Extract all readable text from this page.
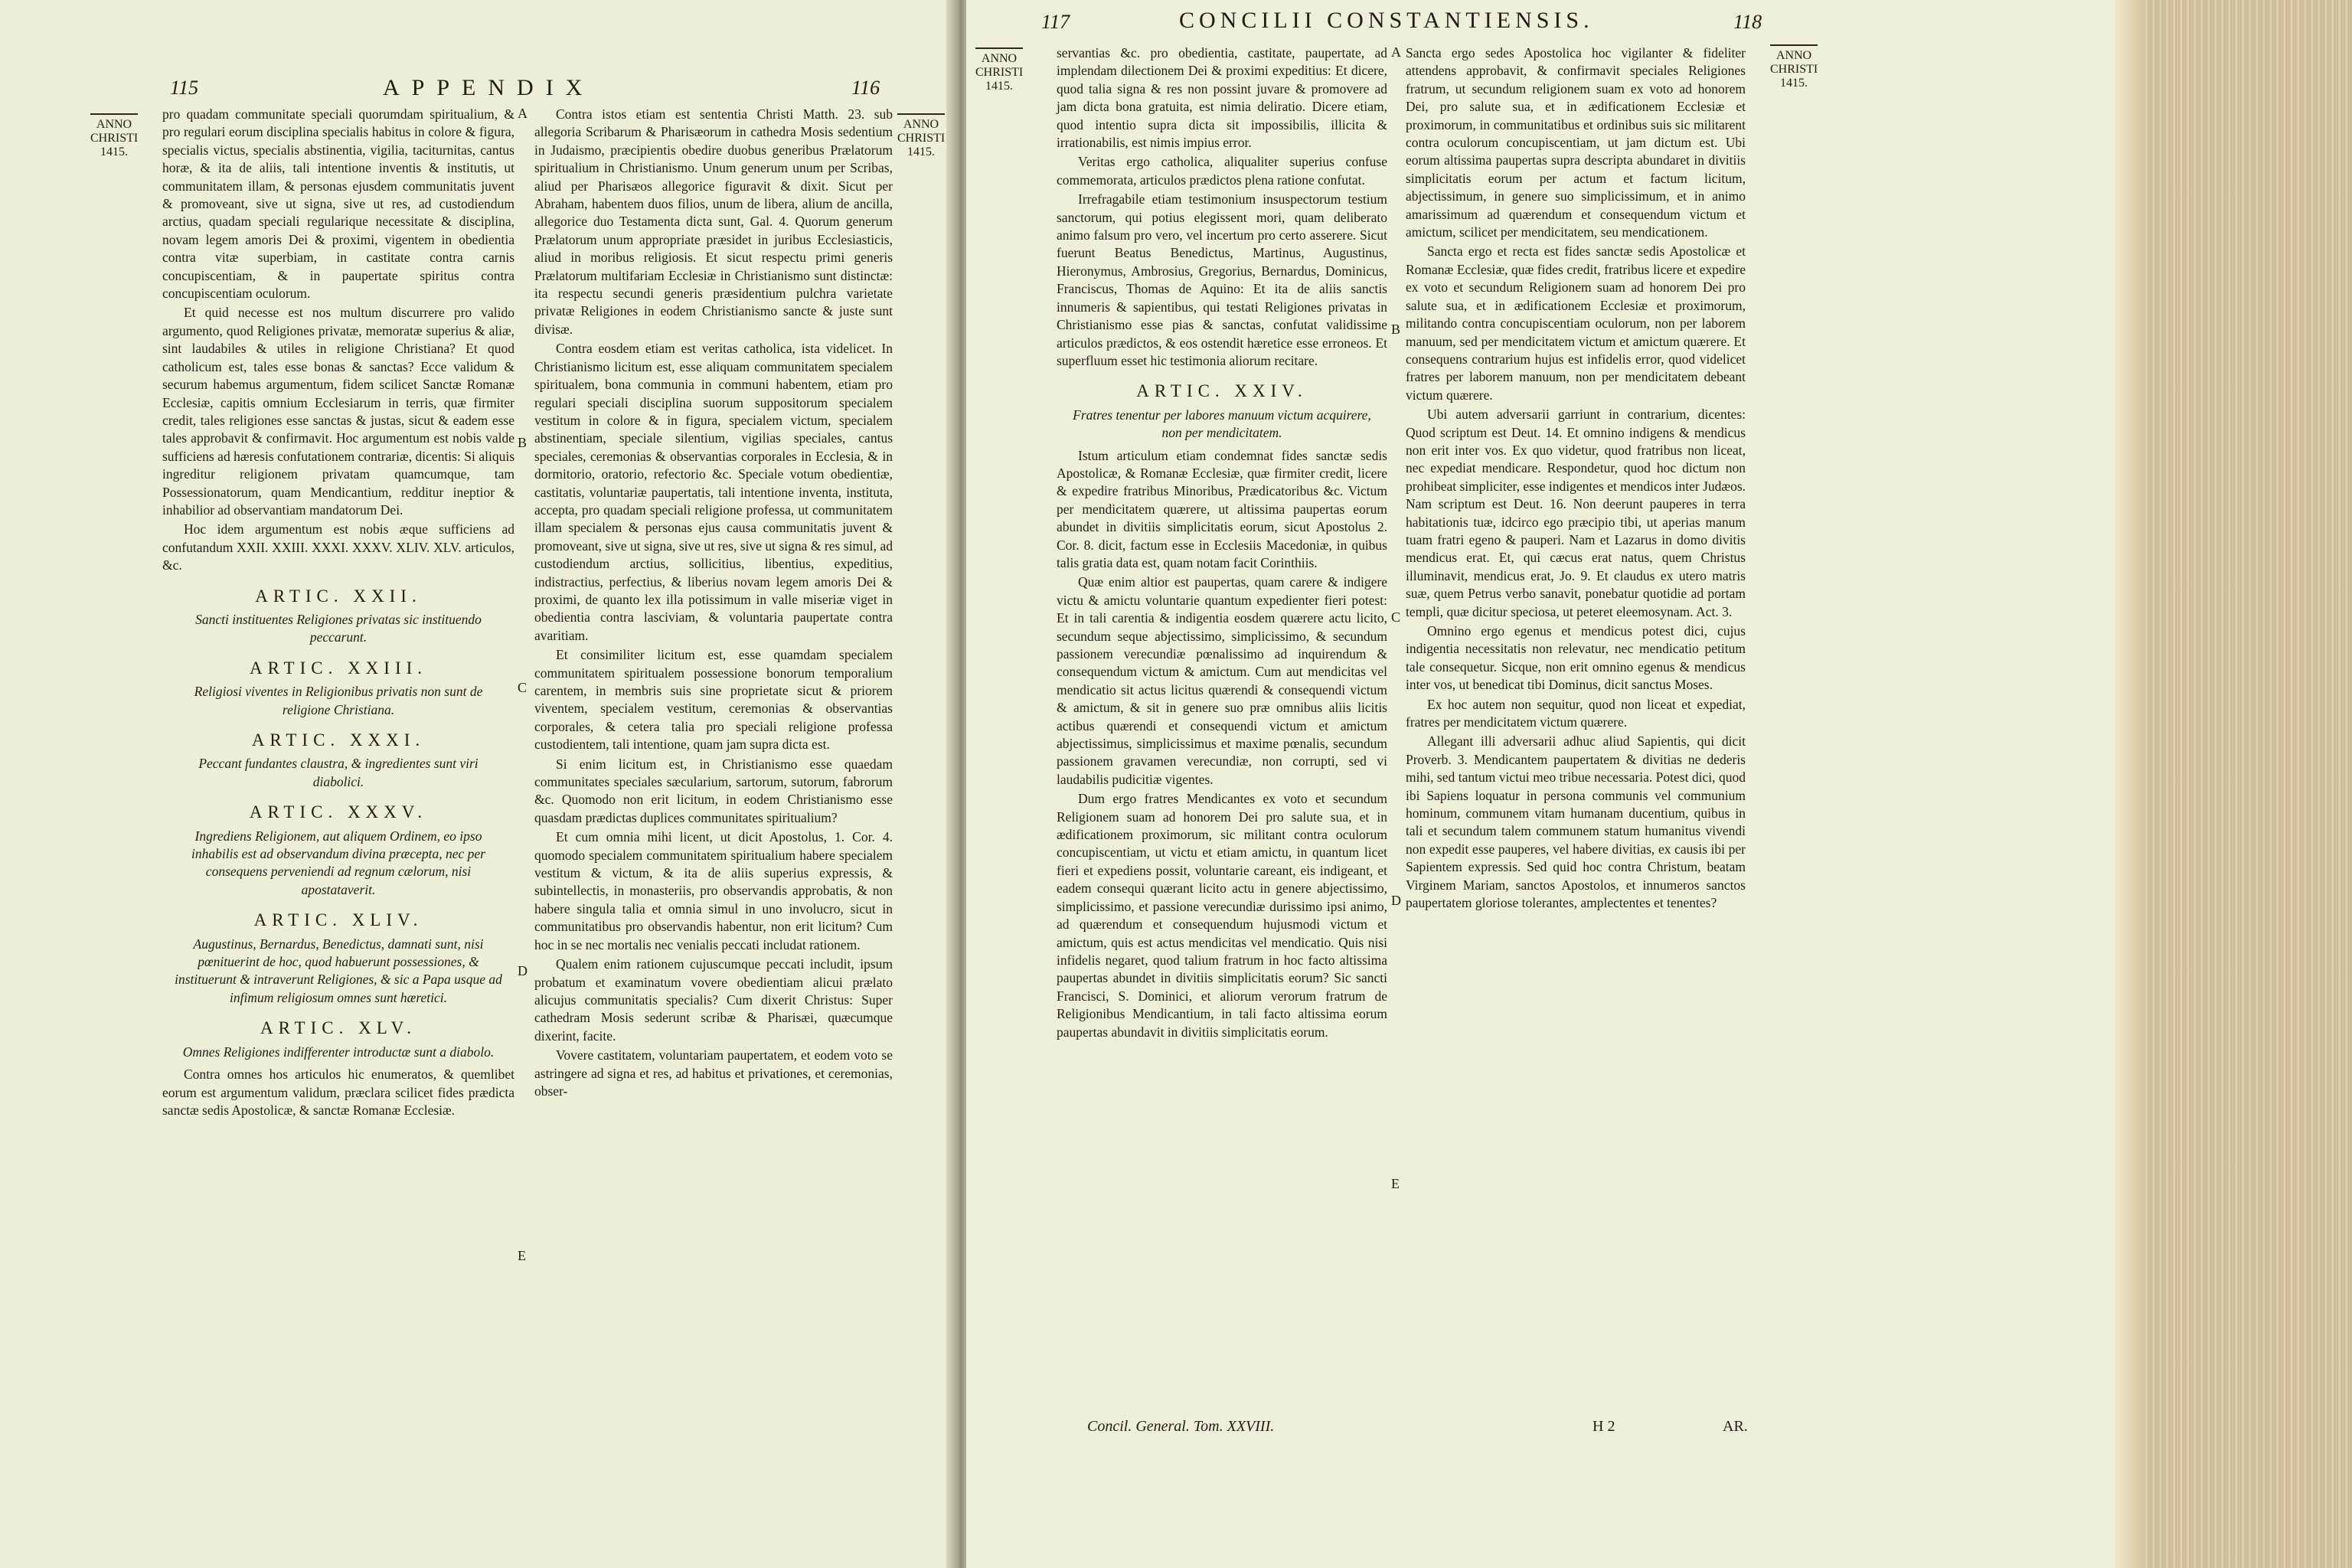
115	APPENDIX	116
ANNO
CHRISTI
1415.
ANNO
CHRISTI
1415.
A
B
C
D
E

pro quadam communitate speciali quorumdam spiritualium, & pro regulari eorum disciplina specialis habitus in colore & figura, specialis victus, specialis abstinentia, vigilia, taciturnitas, cantus horæ, & ita de aliis, tali intentione inventis & institutis, ut communitatem illam, & personas ejusdem communitatis juvent & promoveant, sive ut signa, sive ut res, ad custodiendum arctius, quadam speciali regularique necessitate & disciplina, novam legem amoris Dei & proximi, vigentem in obedientia contra vitæ superbiam, in castitate contra carnis concupiscentiam, & in paupertate spiritus contra concupiscentiam oculorum.

Et quid necesse est nos multum discurrere pro valido argumento, quod Religiones privatæ, memoratæ superius & aliæ, sint laudabiles & utiles in religione Christiana? Et quod catholicum est, tales esse bonas & sanctas? Ecce validum & securum habemus argumentum, fidem scilicet Sanctæ Romanæ Ecclesiæ, capitis omnium Ecclesiarum in terris, quæ firmiter credit, tales religiones esse sanctas & justas, sicut & eadem esse tales approbavit & confirmavit. Hoc argumentum est nobis valde sufficiens ad hæresis confutationem contrariæ, dicentis: Si aliquis ingreditur religionem privatam quamcumque, tam Possessionatorum, quam Mendicantium, redditur ineptior & inhabilior ad observantiam mandatorum Dei.

Hoc idem argumentum est nobis æque sufficiens ad confutandum XXII. XXIII. XXXI. XXXV. XLIV. XLV. articulos, &c.

ARTIC. XXII.
Sancti instituentes Religiones privatas sic instituendo peccarunt.
ARTIC. XXIII.
Religiosi viventes in Religionibus privatis non sunt de religione Christiana.
ARTIC. XXXI.
Peccant fundantes claustra, & ingredientes sunt viri diabolici.
ARTIC. XXXV.
Ingrediens Religionem, aut aliquem Ordinem, eo ipso inhabilis est ad observandum divina præcepta, nec per consequens perveniendi ad regnum cælorum, nisi apostataverit.
ARTIC. XLIV.
Augustinus, Bernardus, Benedictus, damnati sunt, nisi pœnituerint de hoc, quod habuerunt possessiones, & instituerunt & intraverunt Religiones, & sic a Papa usque ad infimum religiosum omnes sunt hæretici.
ARTIC. XLV.
Omnes Religiones indifferenter introductæ sunt a diabolo.

Contra omnes hos articulos hic enumeratos, & quemlibet eorum est argumentum validum, præclara scilicet fides prædicta sanctæ sedis Apostolicæ, & sanctæ Romanæ Ecclesiæ.

Contra istos etiam est sententia Christi Matth. 23. sub allegoria Scribarum & Pharisæorum in cathedra Mosis sedentium in Judaismo, præcipientis obedire duobus generibus Prælatorum spiritualium in Christianismo. Unum generum unum per Scribas, aliud per Pharisæos allegorice figuravit & dixit. Sicut per Abraham, habentem duos filios, unum de libera, alium de ancilla, allegorice duo Testamenta dicta sunt, Gal. 4. Quorum generum Prælatorum unum appropriate præsidet in juribus Ecclesiasticis, aliud in moribus religiosis. Et sicut respectu primi generis Prælatorum multifariam Ecclesiæ in Christianismo sunt distinctæ: ita respectu secundi generis præsidentium pulchra varietate privatæ Religiones in eodem Christianismo sancte & juste sunt divisæ.

Contra eosdem etiam est veritas catholica, ista videlicet. In Christianismo licitum est, esse aliquam communitatem specialem spiritualem, bona communia in communi habentem, etiam pro regulari speciali disciplina suorum suppositorum specialem vestitum in colore & in figura, specialem victum, specialem abstinentiam, speciale silentium, vigilias speciales, cantus speciales, ceremonias & observantias corporales in Ecclesia, & in dormitorio, oratorio, refectorio &c. Speciale votum obedientiæ, castitatis, voluntariæ paupertatis, tali intentione inventa, instituta, accepta, pro quadam speciali religione professa, ut communitatem illam specialem & personas ejus causa communitatis juvent & promoveant, sive ut signa, sive ut res, sive ut signa & res simul, ad custodiendum arctius, sollicitius, libentius, expeditius, indistractius, perfectius, & liberius novam legem amoris Dei & proximi, de quanto lex illa potissimum in valle miseriæ viget in obedientia contra lasciviam, & voluntaria paupertate contra avaritiam.

Et consimiliter licitum est, esse quamdam specialem communitatem spiritualem possessione bonorum temporalium carentem, in membris suis sine proprietate sicut & priorem viventem, specialem vestitum, ceremonias & observantias corporales, & cetera talia pro speciali religione professa custodientem, tali intentione, quam jam supra dicta est.

Si enim licitum est, in Christianismo esse quaedam communitates speciales sæcularium, sartorum, sutorum, fabrorum &c. Quomodo non erit licitum, in eodem Christianismo esse quasdam prædictas duplices communitates spiritualium?

Et cum omnia mihi licent, ut dicit Apostolus, 1. Cor. 4. quomodo specialem communitatem spiritualium habere specialem vestitum & victum, & ita de aliis superius expressis, & subintellectis, in monasteriis, pro observandis approbatis, & non habere singula talia et omnia simul in uno involucro, sicut in communitatibus pro observandis habentur, non erit licitum? Cum hoc in se nec mortalis nec venialis peccati includat rationem.

Qualem enim rationem cujuscumque peccati includit, ipsum probatum et examinatum vovere obedientiam alicui prælato alicujus communitatis specialis? Cum dixerit Christus: Super cathedram Mosis sederunt scribæ & Pharisæi, quæcumque dixerint, facite.

Vovere castitatem, voluntariam paupertatem, et eodem voto se astringere ad signa et res, ad habitus et privationes, et ceremonias, obser-

117	CONCILII CONSTANTIENSIS.	118
ANNO
CHRISTI
1415.
ANNO
CHRISTI
1415.
A
B
C
D
E

servantias &c. pro obedientia, castitate, paupertate, ad implendam dilectionem Dei & proximi expeditius: Et dicere, quod talia signa & res non possint juvare & promovere ad jam dicta bona gratuita, est nimia deliratio. Dicere etiam, quod intentio supra dicta sit impossibilis, illicita & irrationabilis, est nimis impius error.

Veritas ergo catholica, aliqualiter superius confuse commemorata, articulos prædictos plena ratione confutat.

Irrefragabile etiam testimonium insuspectorum testium sanctorum, qui potius elegissent mori, quam deliberato animo falsum pro vero, vel incertum pro certo asserere. Sicut fuerunt Beatus Benedictus, Martinus, Augustinus, Hieronymus, Ambrosius, Gregorius, Bernardus, Dominicus, Franciscus, Thomas de Aquino: Et ita de aliis sanctis innumeris & sapientibus, qui testati Religiones privatas in Christianismo esse pias & sanctas, confutat validissime articulos prædictos, & eos ostendit hæretice esse erroneos. Et superfluum esset hic testimonia aliorum recitare.

ARTIC. XXIV.
Fratres tenentur per labores manuum victum acquirere, non per mendicitatem.

Istum articulum etiam condemnat fides sanctæ sedis Apostolicæ, & Romanæ Ecclesiæ, quæ firmiter credit, licere & expedire fratribus Minoribus, Prædicatoribus &c. Victum per mendicitatem quærere, ut altissima paupertas eorum abundet in divitiis simplicitatis eorum, sicut Apostolus 2. Cor. 8. dicit, factum esse in Ecclesiis Macedoniæ, in quibus talis gratia data est, quam notam facit Corinthiis.

Quæ enim altior est paupertas, quam carere & indigere victu & amictu voluntarie quantum expedienter fieri potest: Et in tali carentia & indigentia eosdem quærere actu licito, secundum seque abjectissimo, simplicissimo, & secundum passionem verecundiæ pœnalissimo ad inquirendum & consequendum victum & amictum. Cum aut mendicitas vel mendicatio sit actus licitus quærendi & consequendi victum & amictum, & sit in genere suo præ omnibus aliis licitis actibus quærendi et consequendi victum et amictum abjectissimus, simplicissimus et maxime pœnalis, secundum passionem gravamen verecundiæ, non corrupti, sed vi laudabilis pudicitiæ vigentes.

Dum ergo fratres Mendicantes ex voto et secundum Religionem suam ad honorem Dei pro salute sua, et in ædificationem proximorum, sic militant contra oculorum concupiscentiam, ut victu et etiam amictu, in quantum licet fieri et expediens possit, voluntarie careant, eis indigeant, et eadem consequi quærant licito actu in genere abjectissimo, simplicissimo, et passione verecundiæ durissimo ipsi animo, ad quærendum et consequendum hujusmodi victum et amictum, quis est actus mendicitas vel mendicatio. Quis nisi infidelis negaret, quod talium fratrum in hoc facto altissima paupertas abundet in divitiis simplicitatis eorum? Sic sancti Francisci, S. Dominici, et aliorum verorum fratrum de Religionibus Mendicantium, in tali facto altissima eorum paupertas abundavit in divitiis simplicitatis eorum.

Sancta ergo sedes Apostolica hoc vigilanter & fideliter attendens approbavit, & confirmavit speciales Religiones fratrum, ut secundum religionem suam ex voto ad honorem Dei, pro salute sua, et in ædificationem Ecclesiæ et proximorum, in communitatibus et ordinibus suis sic militarent contra oculorum concupiscentiam, ut jam dictum est. Ubi eorum altissima paupertas supra descripta abundaret in divitiis simplicitatis eorum per actum et factum licitum, abjectissimum, in genere suo simplicissimum, et in animo amarissimum ad quærendum et consequendum victum et amictum, scilicet per mendicitatem, seu mendicationem.

Sancta ergo et recta est fides sanctæ sedis Apostolicæ et Romanæ Ecclesiæ, quæ fides credit, fratribus licere et expedire ex voto et secundum Religionem suam ad honorem Dei pro salute sua, et in ædificationem Ecclesiæ et proximorum, militando contra concupiscentiam oculorum, non per laborem manuum, sed per mendicitatem victum et amictum quærere. Et consequens contrarium hujus est infidelis error, quod videlicet fratres per laborem manuum, non per mendicitatem debeant victum quærere.

Ubi autem adversarii garriunt in contrarium, dicentes: Quod scriptum est Deut. 14. Et omnino indigens & mendicus non erit inter vos. Ex quo videtur, quod fratribus non liceat, nec expediat mendicare. Respondetur, quod hoc dictum non prohibeat simpliciter, esse indigentes et mendicos inter Judæos. Nam scriptum est Deut. 16. Non deerunt pauperes in terra habitationis tuæ, idcirco ego præcipio tibi, ut aperias manum tuam fratri egeno & pauperi. Nam et Lazarus in domo divitis mendicus erat. Et, qui cæcus erat natus, quem Christus illuminavit, mendicus erat, Jo. 9. Et claudus ex utero matris suæ, quem Petrus verbo sanavit, ponebatur quotidie ad portam templi, quæ dicitur speciosa, ut peteret eleemosynam. Act. 3.

Omnino ergo egenus et mendicus potest dici, cujus indigentia necessitatis non relevatur, nec mendicatio petitum tale consequetur. Sicque, non erit omnino egenus & mendicus inter vos, ut benedicat tibi Dominus, dicit sanctus Moses.

Ex hoc autem non sequitur, quod non liceat et expediat, fratres per mendicitatem victum quærere.

Allegant illi adversarii adhuc aliud Sapientis, qui dicit Proverb. 3. Mendicantem paupertatem & divitias ne dederis mihi, sed tantum victui meo tribue necessaria. Potest dici, quod ibi Sapiens loquatur in persona communis vel communium hominum, communem vitam humanam ducentium, quibus in tali et secundum talem communem statum humanitus vivendi non expedit esse pauperes, vel habere divitias, ex causis ibi per Sapientem expressis. Sed quid hoc contra Christum, beatam Virginem Mariam, sanctos Apostolos, et innumeros sanctos paupertatem gloriose tolerantes, amplectentes et tenentes?

Concil. General. Tom. XXVIII.	H 2	AR.
